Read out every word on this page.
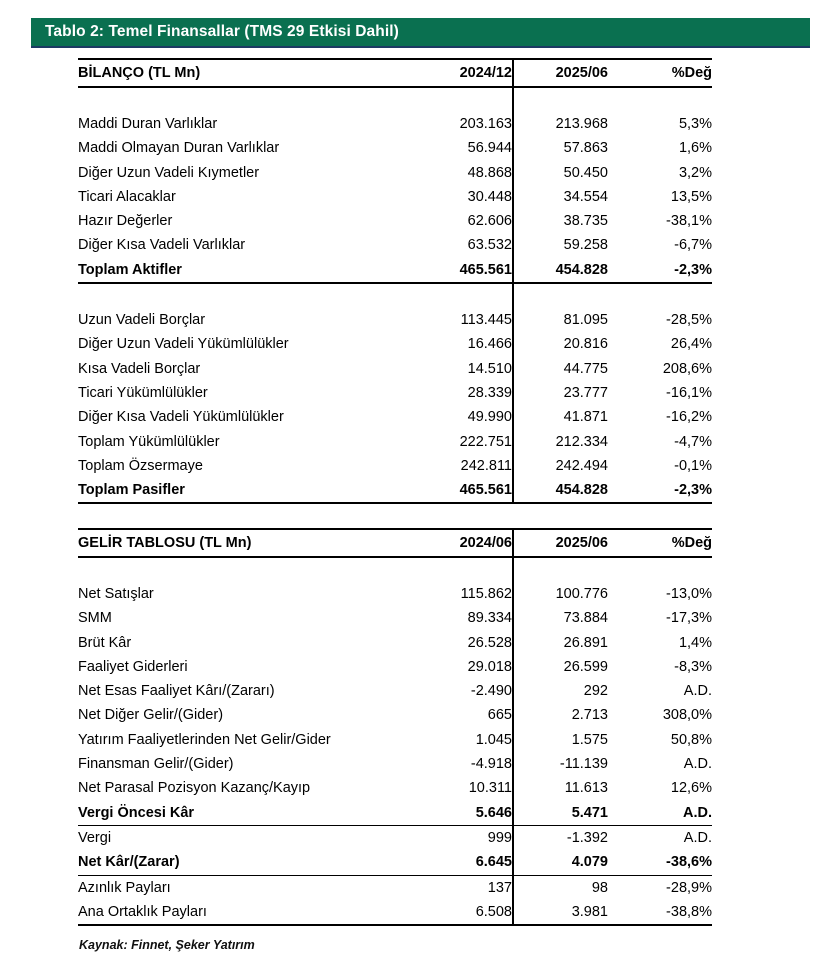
Tablo 2: Temel Finansallar (TMS 29 Etkisi Dahil)
BİLANÇO (TL Mn)	2024/12	2025/06	%Değ

Maddi Duran Varlıklar	203.163	213.968	5,3%
Maddi Olmayan Duran Varlıklar	56.944	57.863	1,6%
Diğer Uzun Vadeli Kıymetler	48.868	50.450	3,2%
Ticari Alacaklar	30.448	34.554	13,5%
Hazır Değerler	62.606	38.735	-38,1%
Diğer Kısa Vadeli Varlıklar	63.532	59.258	-6,7%
Toplam Aktifler	465.561	454.828	-2,3%

Uzun Vadeli Borçlar	113.445	81.095	-28,5%
Diğer Uzun Vadeli Yükümlülükler	16.466	20.816	26,4%
Kısa Vadeli Borçlar	14.510	44.775	208,6%
Ticari Yükümlülükler	28.339	23.777	-16,1%
Diğer Kısa Vadeli Yükümlülükler	49.990	41.871	-16,2%
Toplam Yükümlülükler	222.751	212.334	-4,7%
Toplam Özsermaye	242.811	242.494	-0,1%
Toplam Pasifler	465.561	454.828	-2,3%
GELİR TABLOSU (TL Mn)	2024/06	2025/06	%Değ

Net Satışlar	115.862	100.776	-13,0%
SMM	89.334	73.884	-17,3%
Brüt Kâr	26.528	26.891	1,4%
Faaliyet Giderleri	29.018	26.599	-8,3%
Net Esas Faaliyet Kârı/(Zararı)	-2.490	292	A.D.
Net Diğer Gelir/(Gider)	665	2.713	308,0%
Yatırım Faaliyetlerinden Net Gelir/Gider	1.045	1.575	50,8%
Finansman Gelir/(Gider)	-4.918	-11.139	A.D.
Net Parasal Pozisyon Kazanç/Kayıp	10.311	11.613	12,6%
Vergi Öncesi Kâr	5.646	5.471	A.D.
Vergi	999	-1.392	A.D.
Net Kâr/(Zarar)	6.645	4.079	-38,6%
Azınlık Payları	137	98	-28,9%
Ana Ortaklık Payları	6.508	3.981	-38,8%
Kaynak: Finnet, Şeker Yatırım
